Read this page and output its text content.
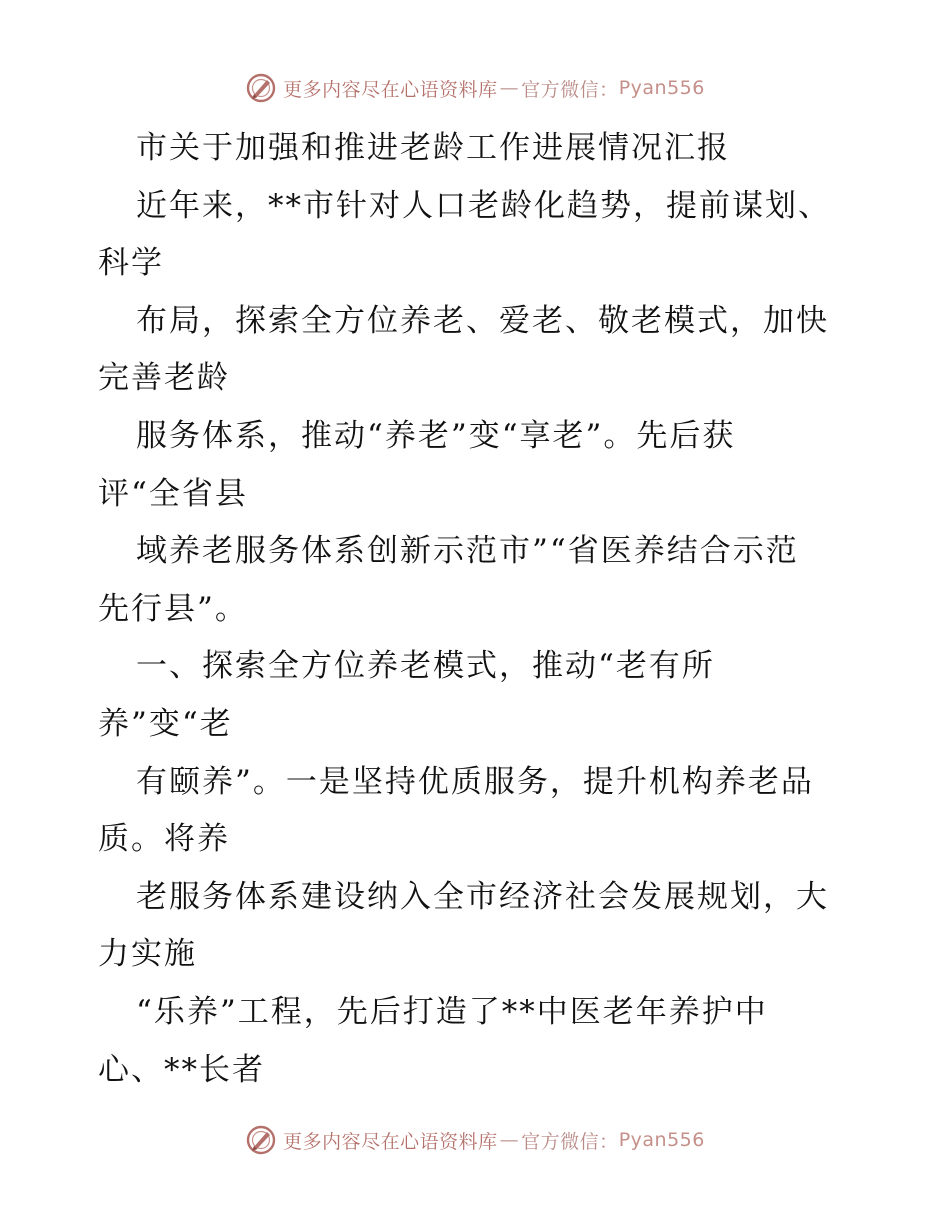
更多内容尽在心语资料库 — 官方微信： Pyan556
市关于加强和推进老龄工作进展情况汇报
近年来，**市针对人口老龄化趋势，提前谋划、
科学
布局，探索全方位养老、爱老、敬老模式，加快
完善老龄
服务体系，推动“养老”变“享老”。先后获
评“全省县
域养老服务体系创新示范市”“省医养结合示范
先行县”。
一、探索全方位养老模式，推动“老有所
养”变“老
有颐养”。一是坚持优质服务，提升机构养老品
质。将养
老服务体系建设纳入全市经济社会发展规划，大
力实施
“乐养”工程，先后打造了**中医老年养护中
心、**长者
更多内容尽在心语资料库 — 官方微信： Pyan556
